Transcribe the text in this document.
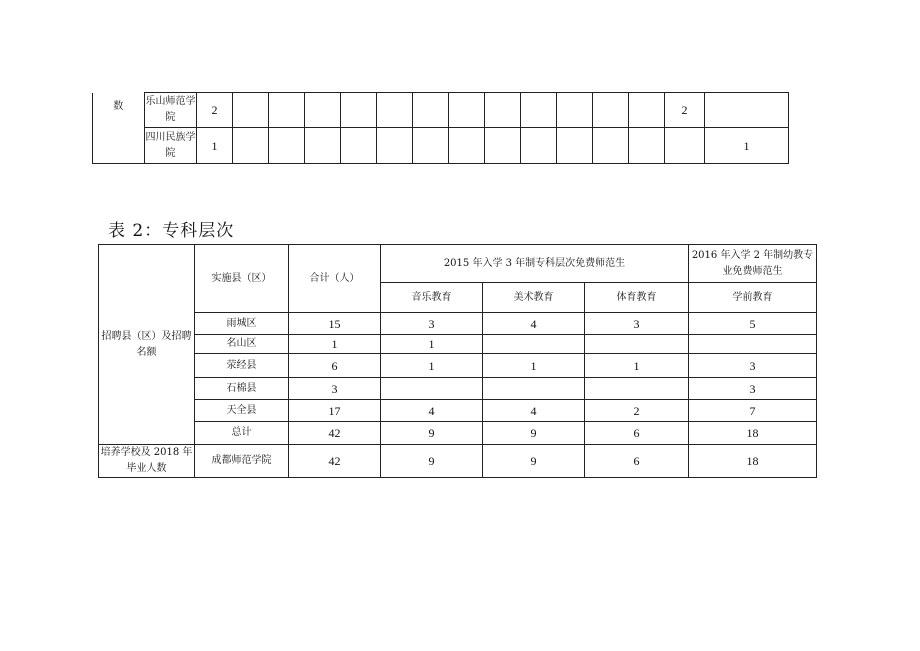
数	乐山师范学院	2													2	
	四川民族学院	1														1
表 2：专科层次
招聘县（区）及招聘名额	实施县（区）	合计（人）	2015 年入学 3 年制专科层次免费师范生			2016 年入学 2 年制幼教专业免费师范生
			音乐教育	美术教育	体育教育	学前教育
	雨城区	15	3	4	3	5
	名山区	1	1			
	荥经县	6	1	1	1	3
	石棉县	3				3
	天全县	17	4	4	2	7
	总计	42	9	9	6	18
培养学校及 2018 年毕业人数	成都师范学院	42	9	9	6	18
